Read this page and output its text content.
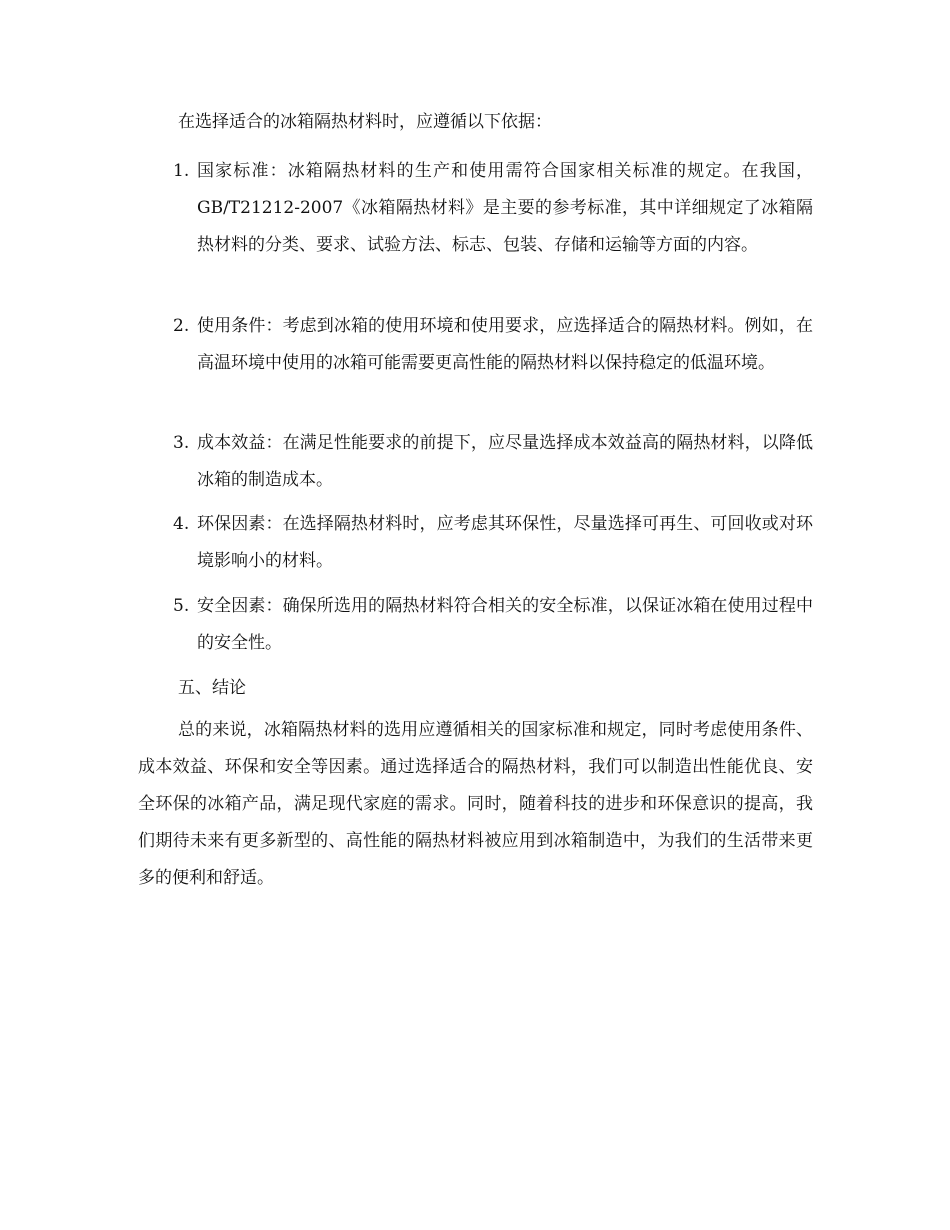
在选择适合的冰箱隔热材料时，应遵循以下依据：
1. 国家标准：冰箱隔热材料的生产和使用需符合国家相关标准的规定。在我国，GB/T21212-2007《冰箱隔热材料》是主要的参考标准，其中详细规定了冰箱隔热材料的分类、要求、试验方法、标志、包装、存储和运输等方面的内容。
2. 使用条件：考虑到冰箱的使用环境和使用要求，应选择适合的隔热材料。例如，在高温环境中使用的冰箱可能需要更高性能的隔热材料以保持稳定的低温环境。
3. 成本效益：在满足性能要求的前提下，应尽量选择成本效益高的隔热材料，以降低冰箱的制造成本。
4. 环保因素：在选择隔热材料时，应考虑其环保性，尽量选择可再生、可回收或对环境影响小的材料。
5. 安全因素：确保所选用的隔热材料符合相关的安全标准，以保证冰箱在使用过程中的安全性。
五、结论
总的来说，冰箱隔热材料的选用应遵循相关的国家标准和规定，同时考虑使用条件、成本效益、环保和安全等因素。通过选择适合的隔热材料，我们可以制造出性能优良、安全环保的冰箱产品，满足现代家庭的需求。同时，随着科技的进步和环保意识的提高，我们期待未来有更多新型的、高性能的隔热材料被应用到冰箱制造中，为我们的生活带来更多的便利和舒适。
